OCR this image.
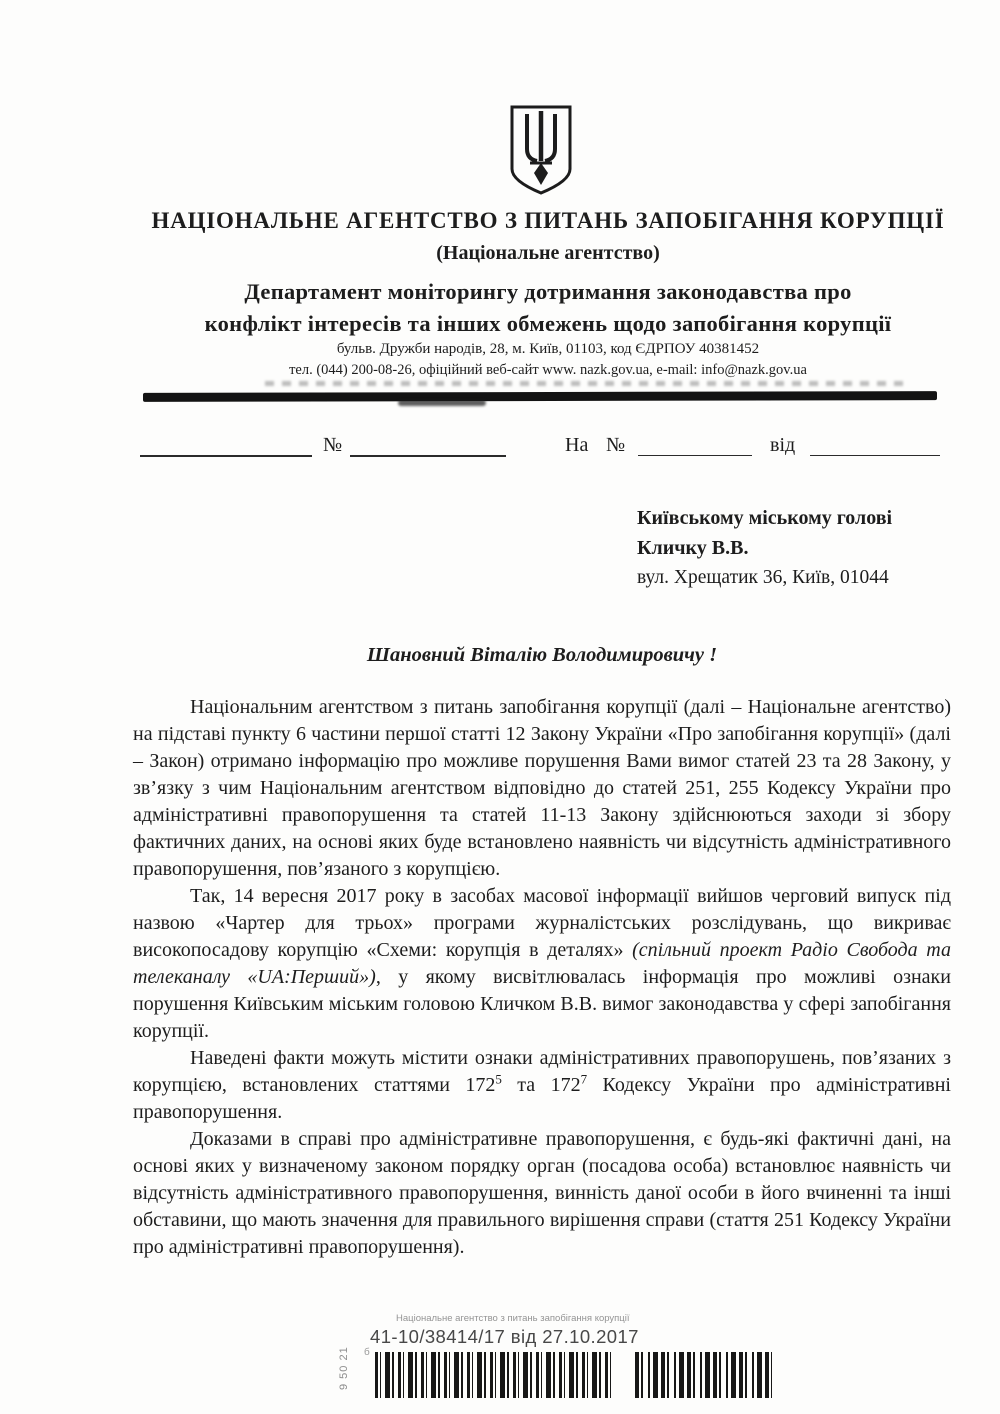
НАЦІОНАЛЬНЕ АГЕНТСТВО З ПИТАНЬ ЗАПОБІГАННЯ КОРУПЦІЇ
(Національне агентство)
Департамент моніторингу дотримання законодавства про
конфлікт інтересів та інших обмежень щодо запобігання корупції
бульв. Дружби народів, 28, м. Київ, 01103, код ЄДРПОУ 40381452
тел. (044) 200-08-26, офіційний веб-сайт www. nazk.gov.ua, e-mail: info@nazk.gov.ua
№	На №	від
Київському міському голові
Кличку В.В.
вул. Хрещатик 36, Київ, 01044
Шановний Віталію Володимировичу !

Національним агентством з питань запобігання корупції (далі – Національне агентство) на підставі пункту 6 частини першої статті 12 Закону України «Про запобігання корупції» (далі – Закон) отримано інформацію про можливе порушення Вами вимог статей 23 та 28 Закону, у зв’язку з чим Національним агентством відповідно до статей 251, 255 Кодексу України про адміністративні правопорушення та статей 11-13 Закону здійснюються заходи зі збору фактичних даних, на основі яких буде встановлено наявність чи відсутність адміністративного правопорушення, пов’язаного з корупцією.

Так, 14 вересня 2017 року в засобах масової інформації вийшов черговий випуск під назвою «Чартер для трьох» програми журналістських розслідувань, що викриває високопосадову корупцію «Схеми: корупція в деталях» (спільний проект Радіо Свобода та телеканалу «UA:Перший»), у якому висвітлювалась інформація про можливі ознаки порушення Київським міським головою Кличком В.В. вимог законодавства у сфері запобігання корупції.

Наведені факти можуть містити ознаки адміністративних правопорушень, пов’язаних з корупцією, встановлених статтями $172^5$ та $172^7$ Кодексу України про адміністративні правопорушення.

Доказами в справі про адміністративне правопорушення, є будь-які фактичні дані, на основі яких у визначеному законом порядку орган (посадова особа) встановлює наявність чи відсутність адміністративного правопорушення, винність даної особи в його вчиненні та інші обставини, що мають значення для правильного вирішення справи (стаття 251 Кодексу України про адміністративні правопорушення).

Національне агентство з питань запобігання корупції
41-10/38414/17 від 27.10.2017
9 50 21 б
